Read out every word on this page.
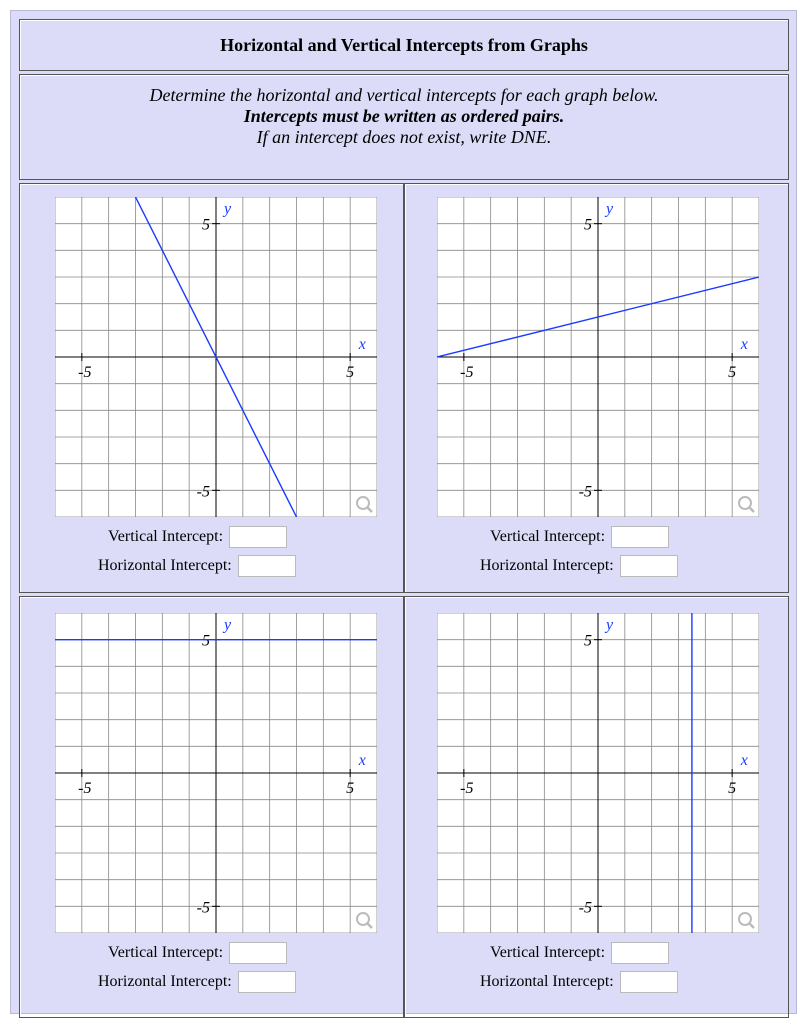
Horizontal and Vertical Intercepts from Graphs
Determine the horizontal and vertical intercepts for each graph below.
Intercepts must be written as ordered pairs.
If an intercept does not exist, write DNE.
-5	5
5
-5
x
y
-5	5
5
-5
x
y
-5	5
5
-5
x
y
-5	5
5
-5
x
y
Vertical Intercept:
Horizontal Intercept:
Vertical Intercept:
Horizontal Intercept:
Vertical Intercept:
Horizontal Intercept:
Vertical Intercept:
Horizontal Intercept:
